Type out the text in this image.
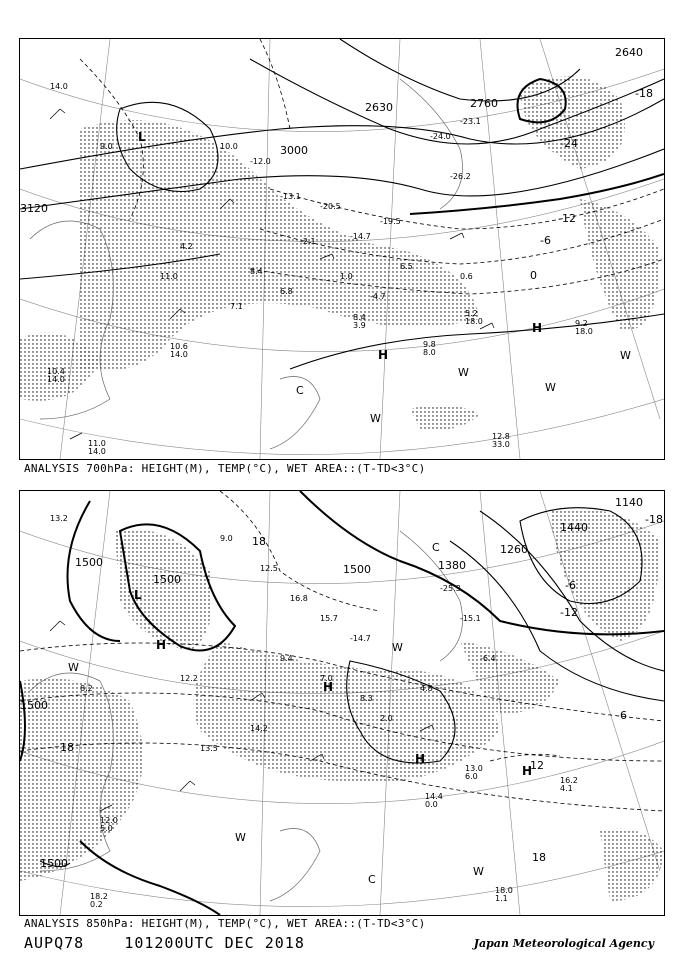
10.0
-12.0
-13.1
-20.5
-14.7
-19.5
-2.1
8.4
6.8
7.1
4.2
11.0
-24.0
-23.1
-26.2
1.0
6.5
-4.7
0.6
9.0
14.0
3000
3120
2760
2640
2630
-18
-24
-12
-6
0
L
H
H
C
W
W
W
W
9.2 18.0
12.8 33.0
11.0 14.0
10.4 14.0
5.2 18.0
9.8 8.0
8.4 3.9
10.6 14.0
ANALYSIS 700hPa: HEIGHT(M), TEMP(°C), WET AREA::(T-TD<3°C)
9.0
12.5
16.8
15.7
-14.7
9.4
7.0
8.3
14.2
13.5
-25.3
-15.1
-6.4
4.8
2.0
12.2
13.2
8.2
1500
1500
1500
1500
1500
1140
1260
1380
1440
18
18
18
12
6
-6
-12
-18
L
H
H
H
H
C
C
W
W
W
W
16.2 4.1
18.0 1.1
14.4 0.0
13.0 6.0
18.2 0.2
12.0 5.0
ANALYSIS 850hPa: HEIGHT(M), TEMP(°C), WET AREA::(T-TD<3°C)
AUPQ78	101200UTC DEC 2018	Japan Meteorological Agency
